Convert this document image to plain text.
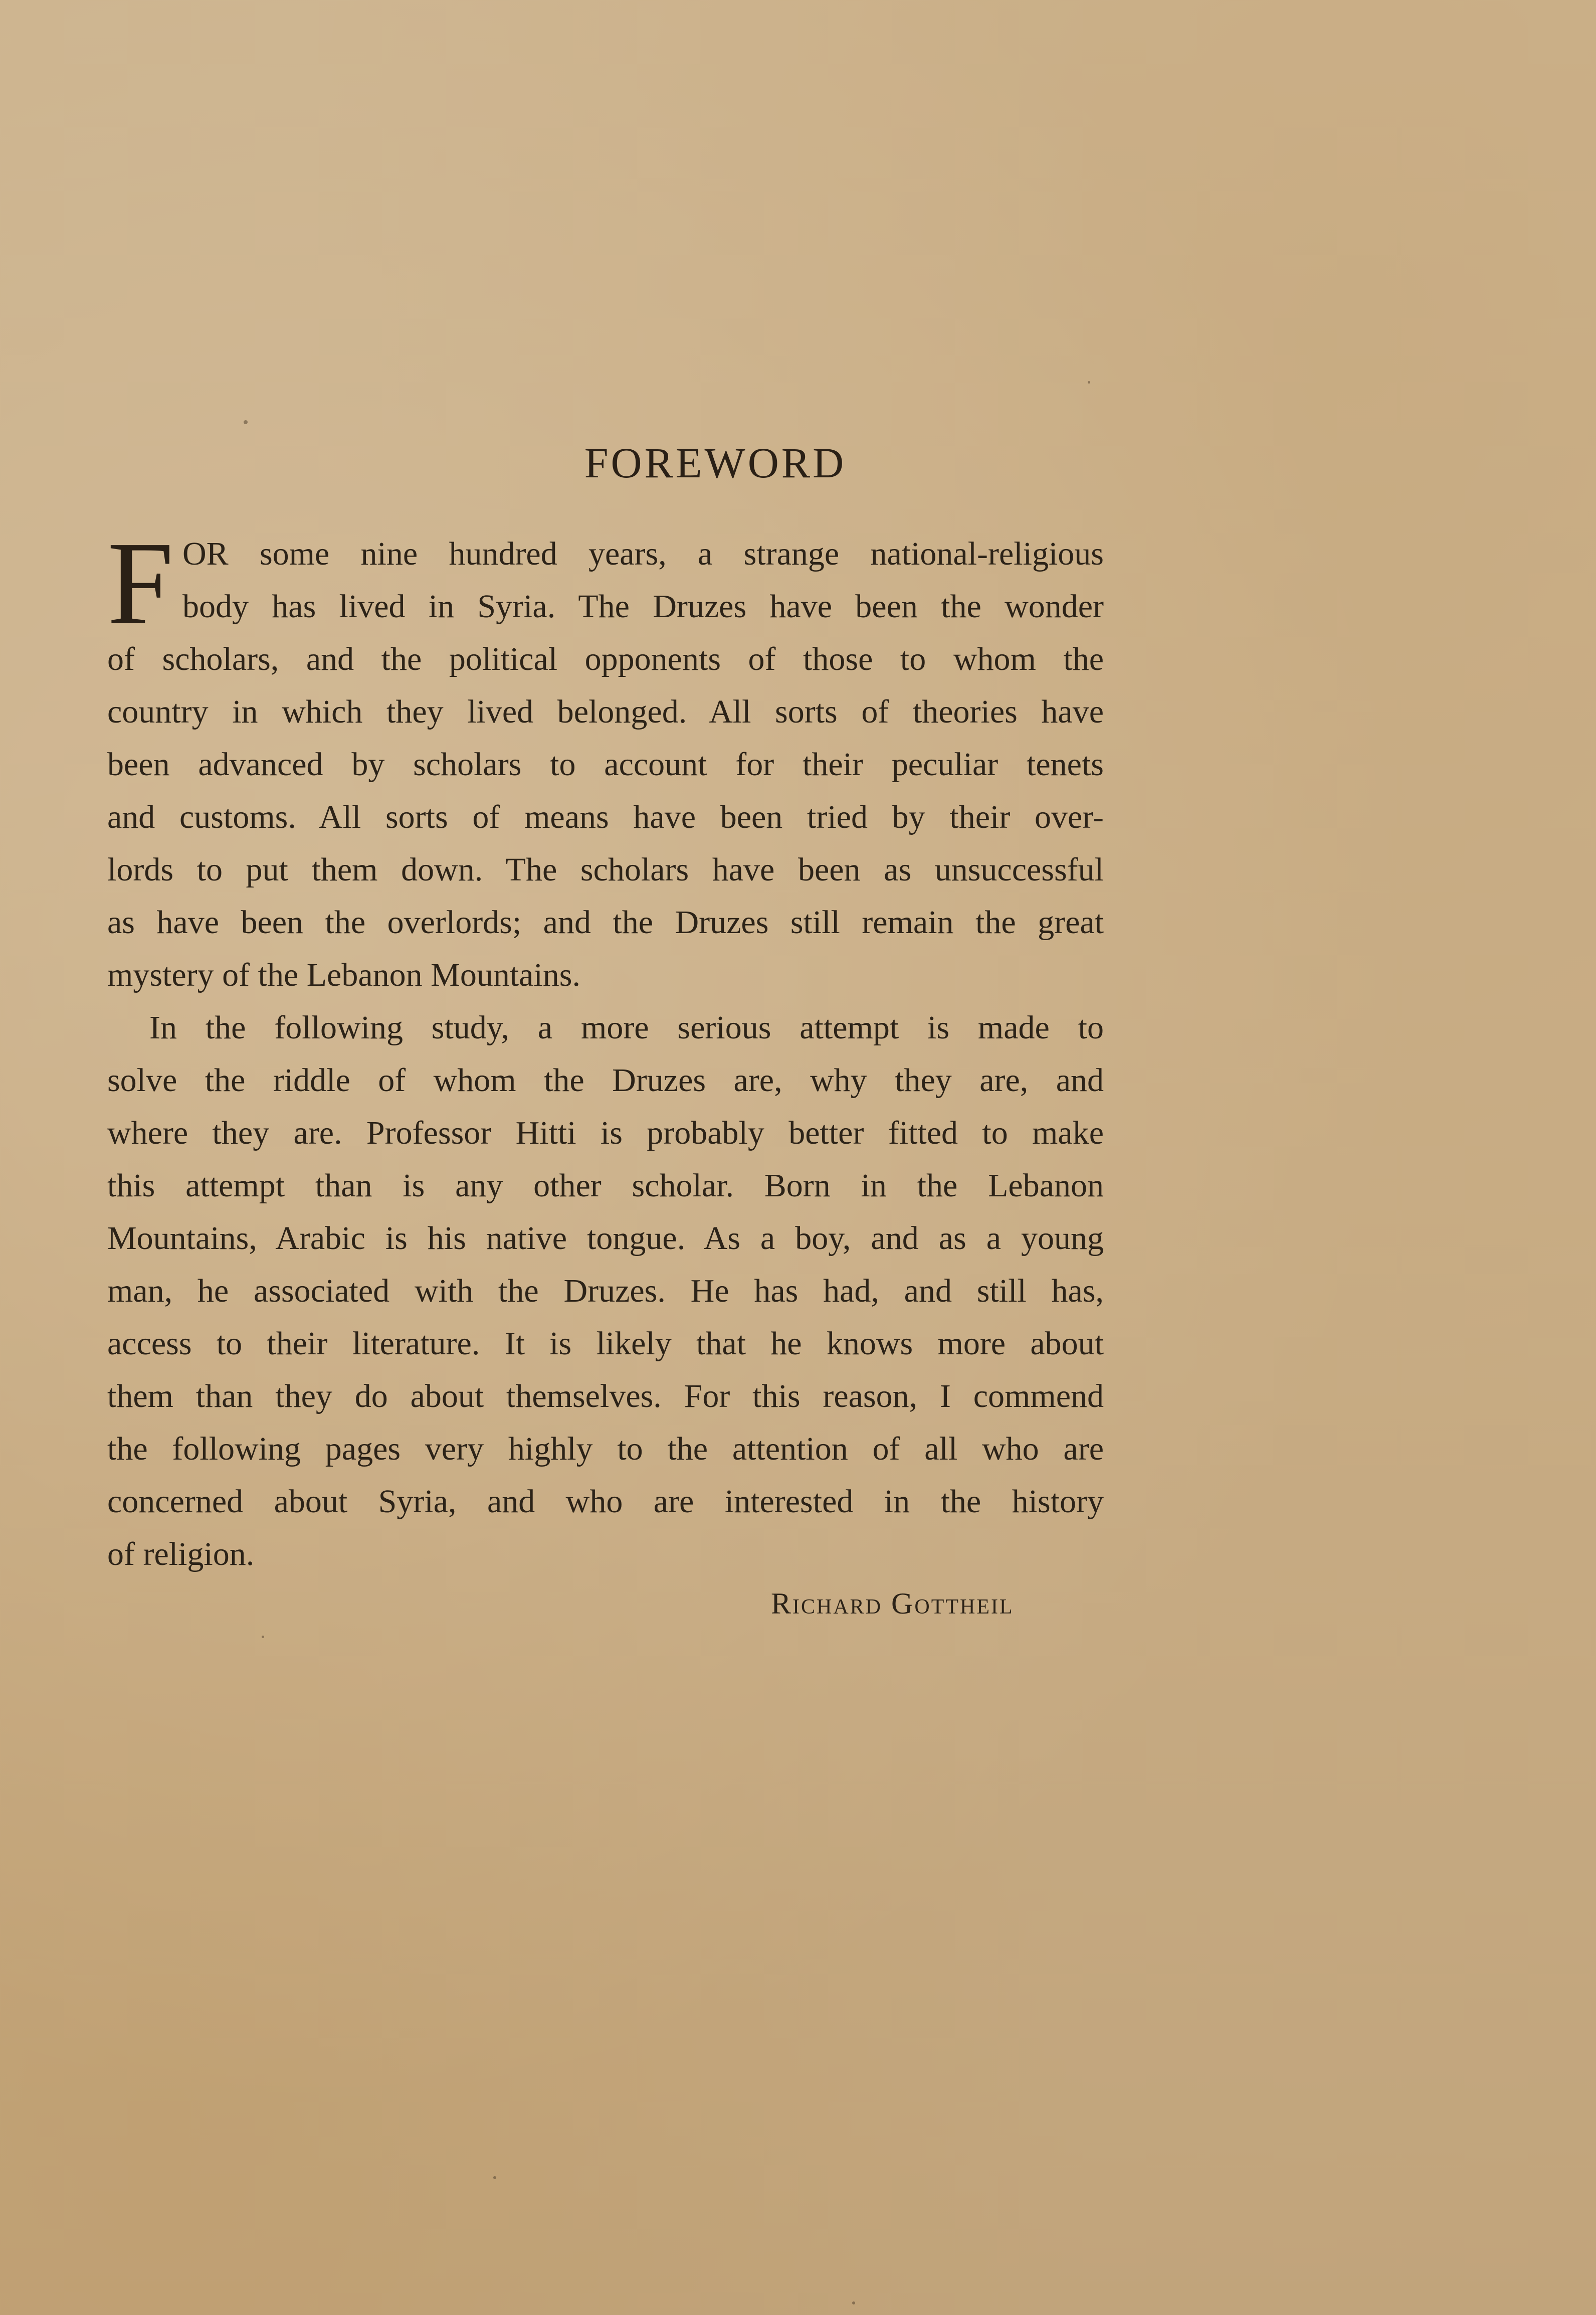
FOREWORD
F OR some nine hundred years, a strange national-religious
body has lived in Syria. The Druzes have been the wonder
of scholars, and the political opponents of those to whom the
country in which they lived belonged. All sorts of theories have
been advanced by scholars to account for their peculiar tenets
and customs. All sorts of means have been tried by their over-
lords to put them down. The scholars have been as unsuccessful
as have been the overlords; and the Druzes still remain the great
mystery of the Lebanon Mountains.
In the following study, a more serious attempt is made to
solve the riddle of whom the Druzes are, why they are, and
where they are. Professor Hitti is probably better fitted to make
this attempt than is any other scholar. Born in the Lebanon
Mountains, Arabic is his native tongue. As a boy, and as a young
man, he associated with the Druzes. He has had, and still has,
access to their literature. It is likely that he knows more about
them than they do about themselves. For this reason, I commend
the following pages very highly to the attention of all who are
concerned about Syria, and who are interested in the history
of religion.
Richard Gottheil
